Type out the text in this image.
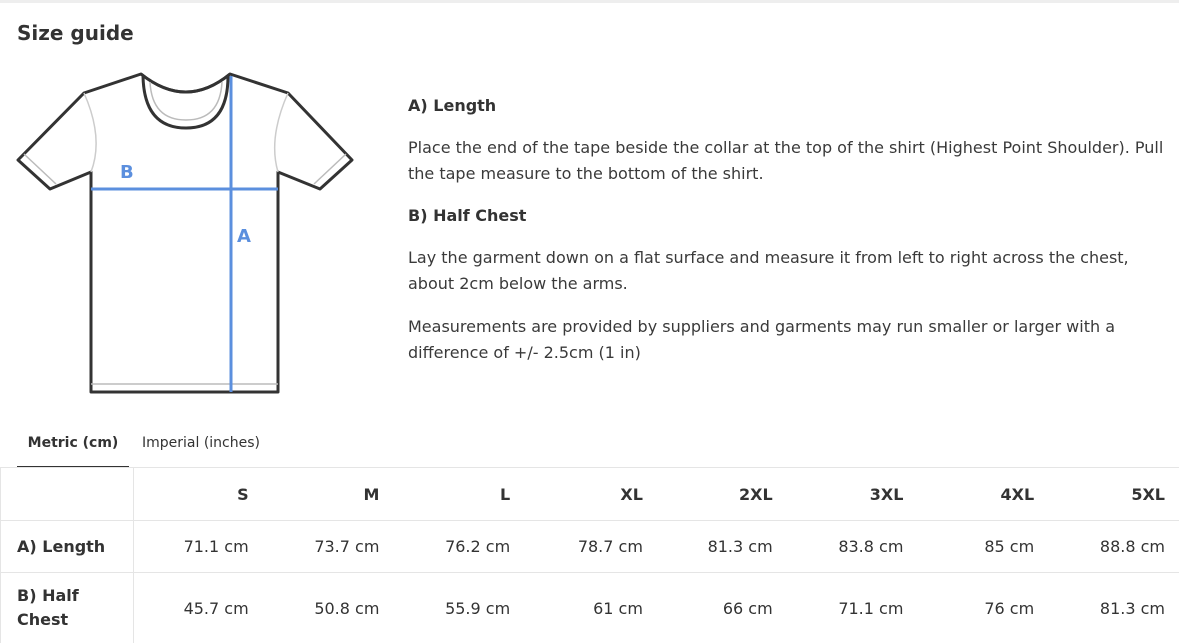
Size guide
B
A
A) Length

Place the end of the tape beside the collar at the top of the shirt (Highest Point Shoulder). Pull the tape measure to the bottom of the shirt.

B) Half Chest

Lay the garment down on a flat surface and measure it from left to right across the chest, about 2cm below the arms.

Measurements are provided by suppliers and garments may run smaller or larger with a difference of +/- 2.5cm (1 in)

Metric (cm)	Imperial (inches)
	S	M	L	XL	2XL	3XL	4XL	5XL
A) Length	71.1 cm	73.7 cm	76.2 cm	78.7 cm	81.3 cm	83.8 cm	85 cm	88.8 cm
B) Half Chest	45.7 cm	50.8 cm	55.9 cm	61 cm	66 cm	71.1 cm	76 cm	81.3 cm
